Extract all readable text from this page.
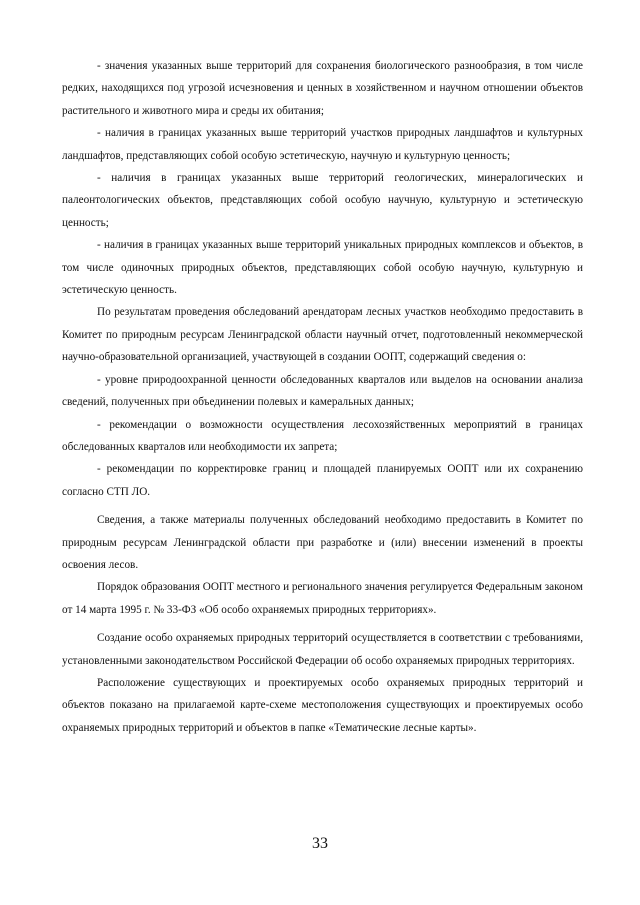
- значения указанных выше территорий для сохранения биологического разнообразия, в том числе редких, находящихся под угрозой исчезновения и ценных в хозяйственном и научном отношении объектов растительного и животного мира и среды их обитания;

- наличия в границах указанных выше территорий участков природных ландшафтов и культурных ландшафтов, представляющих собой особую эстетическую, научную и культурную ценность;

- наличия в границах указанных выше территорий геологических, минералогических и палеонтологических объектов, представляющих собой особую научную, культурную и эстетическую ценность;

- наличия в границах указанных выше территорий уникальных природных комплексов и объектов, в том числе одиночных природных объектов, представляющих собой особую научную, культурную и эстетическую ценность.

По результатам проведения обследований арендаторам лесных участков необходимо предоставить в Комитет по природным ресурсам Ленинградской области научный отчет, подготовленный некоммерческой научно-образовательной организацией, участвующей в создании ООПТ, содержащий сведения о:

- уровне природоохранной ценности обследованных кварталов или выделов на основании анализа сведений, полученных при объединении полевых и камеральных данных;

- рекомендации о возможности осуществления лесохозяйственных мероприятий в границах обследованных кварталов или необходимости их запрета;

- рекомендации по корректировке границ и площадей планируемых ООПТ или их сохранению согласно СТП ЛО.

Сведения, а также материалы полученных обследований необходимо предоставить в Комитет по природным ресурсам Ленинградской области при разработке и (или) внесении изменений в проекты освоения лесов.

Порядок образования ООПТ местного и регионального значения регулируется Федеральным законом от 14 марта 1995 г. № 33-ФЗ «Об особо охраняемых природных территориях».

Создание особо охраняемых природных территорий осуществляется в соответствии с требованиями, установленными законодательством Российской Федерации об особо охраняемых природных территориях.

Расположение существующих и проектируемых особо охраняемых природных территорий и объектов показано на прилагаемой карте-схеме местоположения существующих и проектируемых особо охраняемых природных территорий и объектов в папке «Тематические лесные карты».

33
